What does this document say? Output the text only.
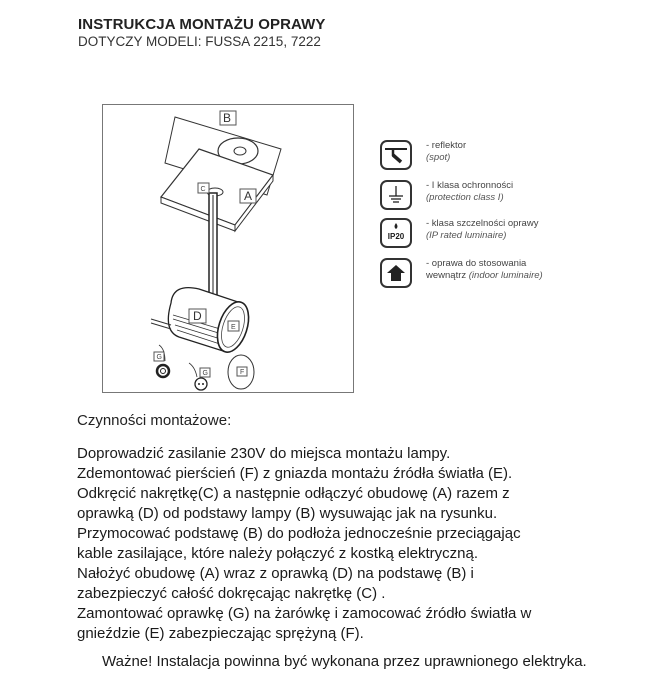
INSTRUKCJA MONTAŻU OPRAWY
DOTYCZY MODELI: FUSSA 2215, 7222
B
A
C
D
E
G
G	F
- reflektor
(spot)
- I klasa ochronności
(protection class I)
IP20
- klasa szczelności oprawy
(IP rated luminaire)
- oprawa do stosowania
wewnątrz (indoor luminaire)
Czynności montażowe:
Doprowadzić zasilanie 230V do miejsca montażu lampy.
Zdemontować pierścień (F) z gniazda montażu źródła światła (E).
Odkręcić nakrętkę(C) a następnie odłączyć obudowę (A) razem z
oprawką (D) od podstawy lampy (B) wysuwając jak na rysunku.
Przymocować podstawę (B) do podłoża jednocześnie przeciągając
kable zasilające, które należy połączyć z kostką elektryczną.
Nałożyć obudowę (A) wraz z oprawką (D) na podstawę (B) i
zabezpieczyć całość dokręcając nakrętkę (C) .
Zamontować oprawkę (G) na żarówkę i zamocować źródło światła w
gnieździe (E) zabezpieczając sprężyną (F).
Ważne! Instalacja powinna być wykonana przez uprawnionego elektryka.
